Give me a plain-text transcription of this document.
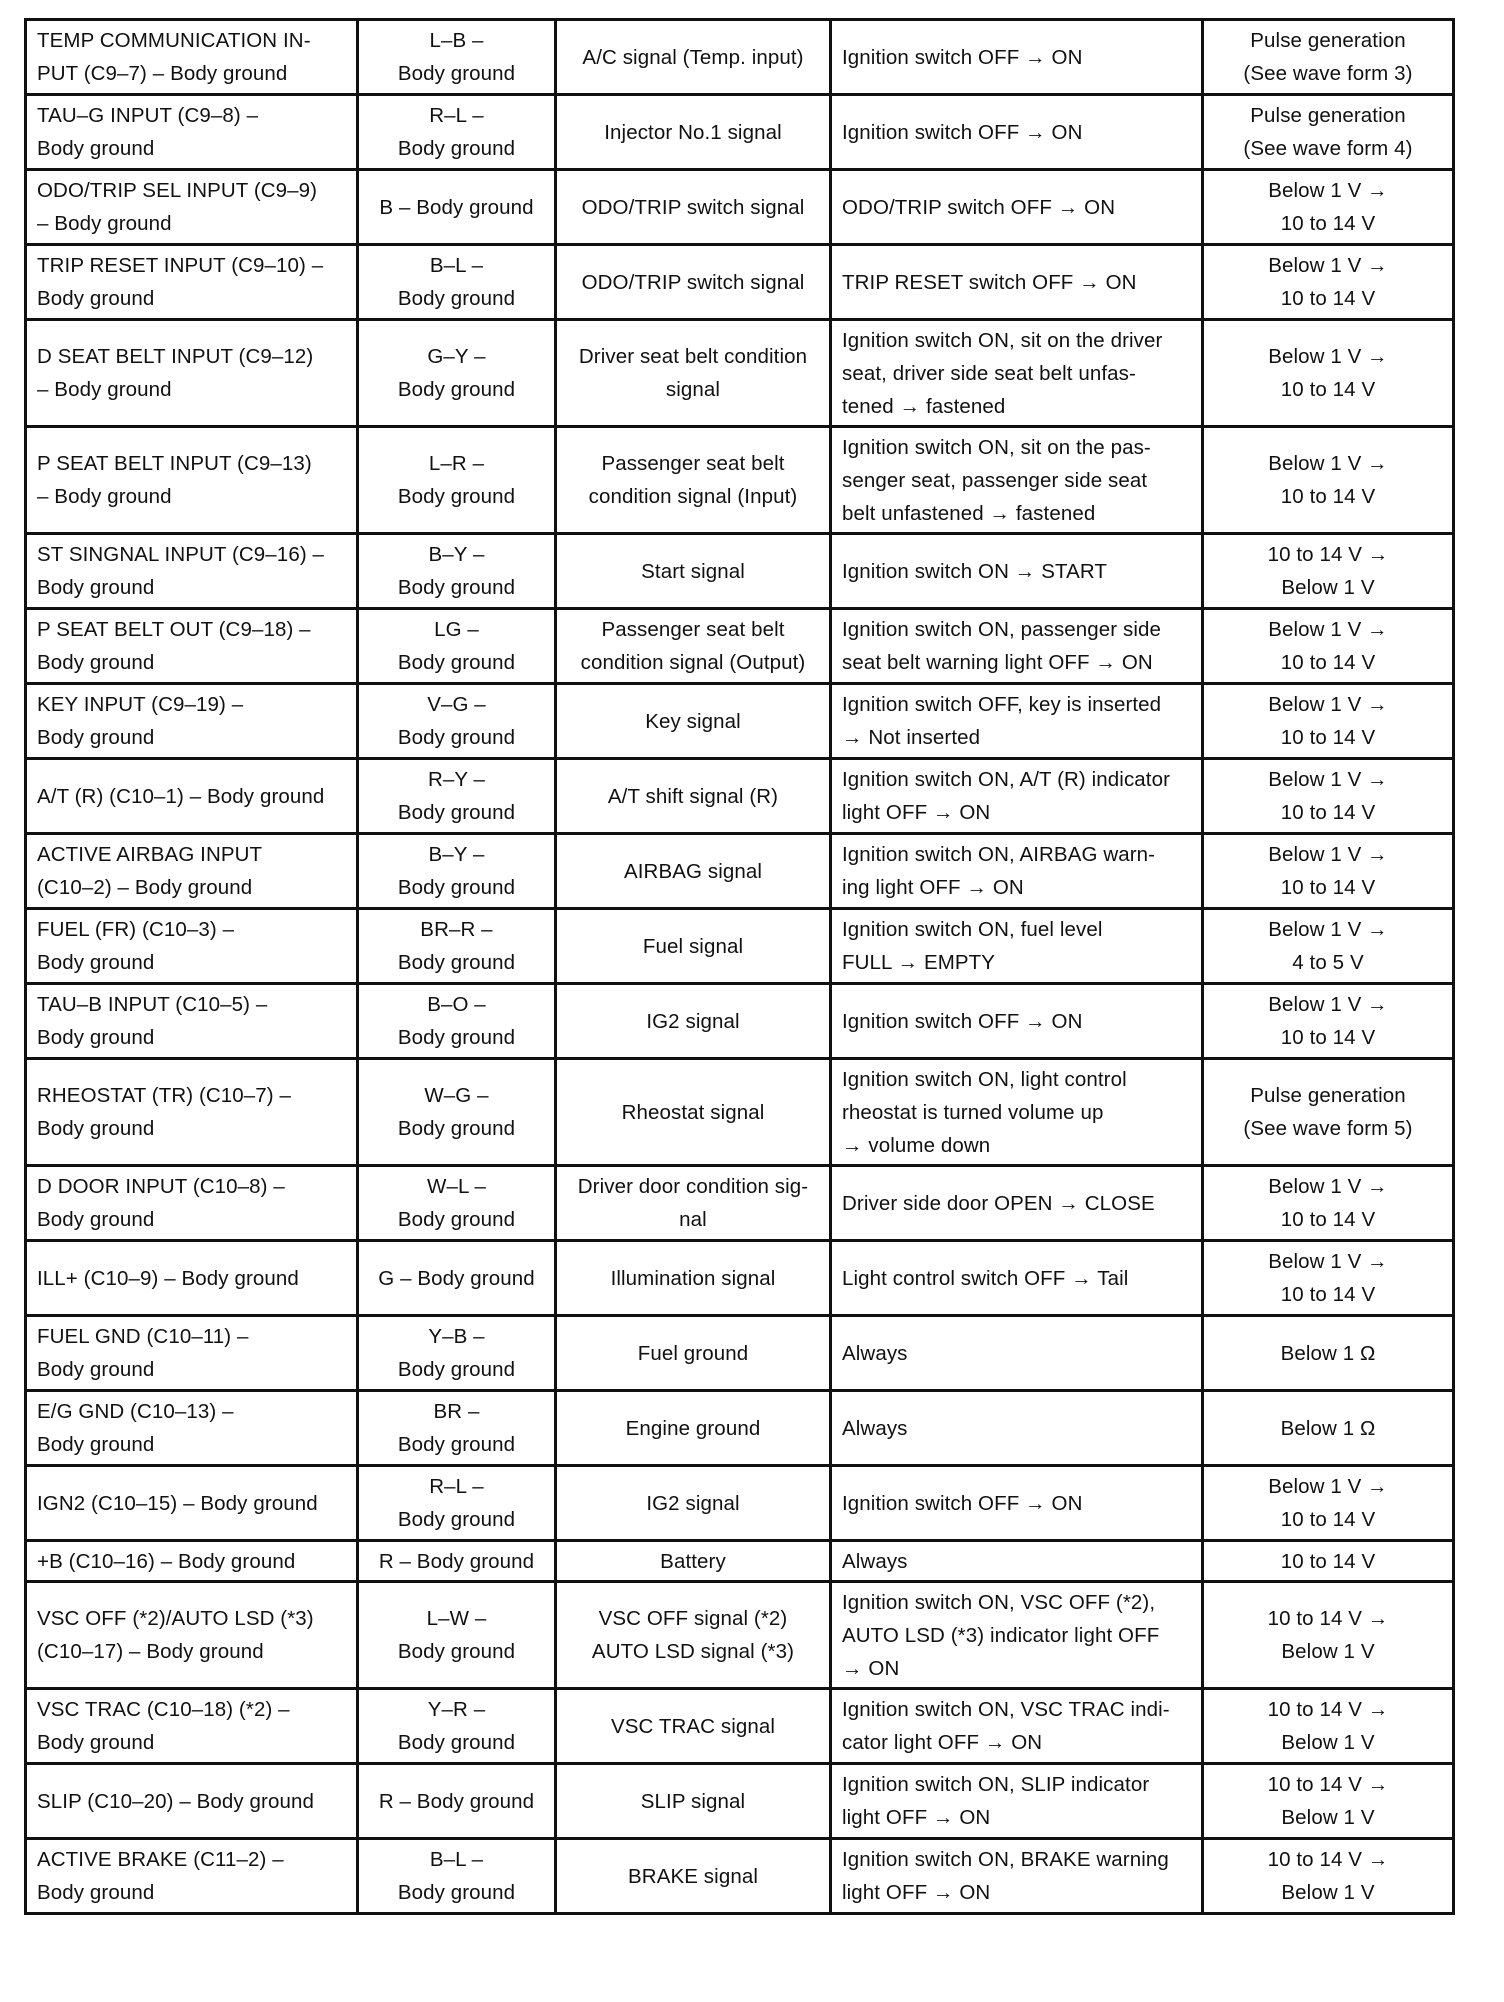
TEMP COMMUNICATION IN-
PUT (C9–7) – Body ground	L–B –
Body ground	A/C signal (Temp. input)	Ignition switch OFF → ON	Pulse generation
(See wave form 3)
TAU–G INPUT (C9–8) –
Body ground	R–L –
Body ground	Injector No.1 signal	Ignition switch OFF → ON	Pulse generation
(See wave form 4)
ODO/TRIP SEL INPUT (C9–9)
– Body ground	B – Body ground	ODO/TRIP switch signal	ODO/TRIP switch OFF → ON	Below 1 V →
10 to 14 V
TRIP RESET INPUT (C9–10) –
Body ground	B–L –
Body ground	ODO/TRIP switch signal	TRIP RESET switch OFF → ON	Below 1 V →
10 to 14 V
D SEAT BELT INPUT (C9–12)
– Body ground	G–Y –
Body ground	Driver seat belt condition
signal	Ignition switch ON, sit on the driver
seat, driver side seat belt unfas-
tened → fastened	Below 1 V →
10 to 14 V
P SEAT BELT INPUT (C9–13)
– Body ground	L–R –
Body ground	Passenger seat belt
condition signal (Input)	Ignition switch ON, sit on the pas-
senger seat, passenger side seat
belt unfastened → fastened	Below 1 V →
10 to 14 V
ST SINGNAL INPUT (C9–16) –
Body ground	B–Y –
Body ground	Start signal	Ignition switch ON → START	10 to 14 V →
Below 1 V
P SEAT BELT OUT (C9–18) –
Body ground	LG –
Body ground	Passenger seat belt
condition signal (Output)	Ignition switch ON, passenger side
seat belt warning light OFF → ON	Below 1 V →
10 to 14 V
KEY INPUT (C9–19) –
Body ground	V–G –
Body ground	Key signal	Ignition switch OFF, key is inserted
→ Not inserted	Below 1 V →
10 to 14 V
A/T (R) (C10–1) – Body ground	R–Y –
Body ground	A/T shift signal (R)	Ignition switch ON, A/T (R) indicator
light OFF → ON	Below 1 V →
10 to 14 V
ACTIVE AIRBAG INPUT
(C10–2) – Body ground	B–Y –
Body ground	AIRBAG signal	Ignition switch ON, AIRBAG warn-
ing light OFF → ON	Below 1 V →
10 to 14 V
FUEL (FR) (C10–3) –
Body ground	BR–R –
Body ground	Fuel signal	Ignition switch ON, fuel level
FULL → EMPTY	Below 1 V →
4 to 5 V
TAU–B INPUT (C10–5) –
Body ground	B–O –
Body ground	IG2 signal	Ignition switch OFF → ON	Below 1 V →
10 to 14 V
RHEOSTAT (TR) (C10–7) –
Body ground	W–G –
Body ground	Rheostat signal	Ignition switch ON, light control
rheostat is turned volume up
→ volume down	Pulse generation
(See wave form 5)
D DOOR INPUT (C10–8) –
Body ground	W–L –
Body ground	Driver door condition sig-
nal	Driver side door OPEN → CLOSE	Below 1 V →
10 to 14 V
ILL+ (C10–9) – Body ground	G – Body ground	Illumination signal	Light control switch OFF → Tail	Below 1 V →
10 to 14 V
FUEL GND (C10–11) –
Body ground	Y–B –
Body ground	Fuel ground	Always	Below 1 Ω
E/G GND (C10–13) –
Body ground	BR –
Body ground	Engine ground	Always	Below 1 Ω
IGN2 (C10–15) – Body ground	R–L –
Body ground	IG2 signal	Ignition switch OFF → ON	Below 1 V →
10 to 14 V
+B (C10–16) – Body ground	R – Body ground	Battery	Always	10 to 14 V
VSC OFF (*2)/AUTO LSD (*3)
(C10–17) – Body ground	L–W –
Body ground	VSC OFF signal (*2)
AUTO LSD signal (*3)	Ignition switch ON, VSC OFF (*2),
AUTO LSD (*3) indicator light OFF
→ ON	10 to 14 V →
Below 1 V
VSC TRAC (C10–18) (*2) –
Body ground	Y–R –
Body ground	VSC TRAC signal	Ignition switch ON, VSC TRAC indi-
cator light OFF → ON	10 to 14 V →
Below 1 V
SLIP (C10–20) – Body ground	R – Body ground	SLIP signal	Ignition switch ON, SLIP indicator
light OFF → ON	10 to 14 V →
Below 1 V
ACTIVE BRAKE (C11–2) –
Body ground	B–L –
Body ground	BRAKE signal	Ignition switch ON, BRAKE warning
light OFF → ON	10 to 14 V →
Below 1 V
